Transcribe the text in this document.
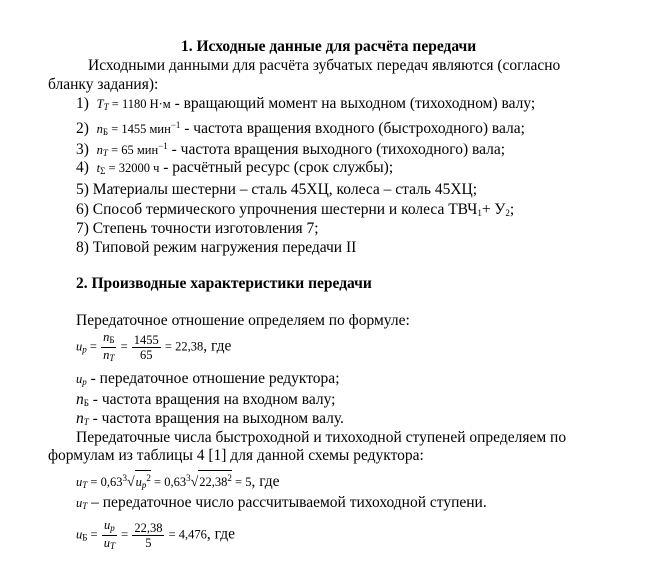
1. Исходные данные для расчёта передачи
Исходными данными для расчёта зубчатых передач являются (согласно
бланку задания):
1) $T_T = 1180$ Н·м - вращающий момент на выходном (тихоходном) валу;
2) $n_Б = 1455$ мин$^{-1}$ - частота вращения входного (быстроходного) вала;
3) $n_T = 65$ мин$^{-1}$ - частота вращения выходного (тихоходного) вала;
4) $t_\Sigma = 32000$ ч - расчётный ресурс (срок службы);
5) Материалы шестерни – сталь 45ХЦ, колеса – сталь 45ХЦ;
6) Способ термического упрочнения шестерни и колеса $ТВЧ_1+ У_2$;
7) Степень точности изготовления 7;
8) Типовой режим нагружения передачи II
2. Производные характеристики передачи
Передаточное отношение определяем по формуле:
$u_p = \frac{n_Б}{n_T} = \frac{1455}{65} = 22,38$, где
$u_p$ - передаточное отношение редуктора;
$n_Б$ - частота вращения на входном валу;
$n_T$ - частота вращения на выходном валу.
Передаточные числа быстроходной и тихоходной ступеней определяем по
формулам из таблицы 4 [1] для данной схемы редуктора:
$u_T = 0,63^3√u_p^2 = 0,63^3√22,38^2 = 5$, где
$u_T$ – передаточное число рассчитываемой тихоходной ступени.
$u_Б = \frac{u_p}{u_T} = \frac{22,38}{5} = 4,476$, где
